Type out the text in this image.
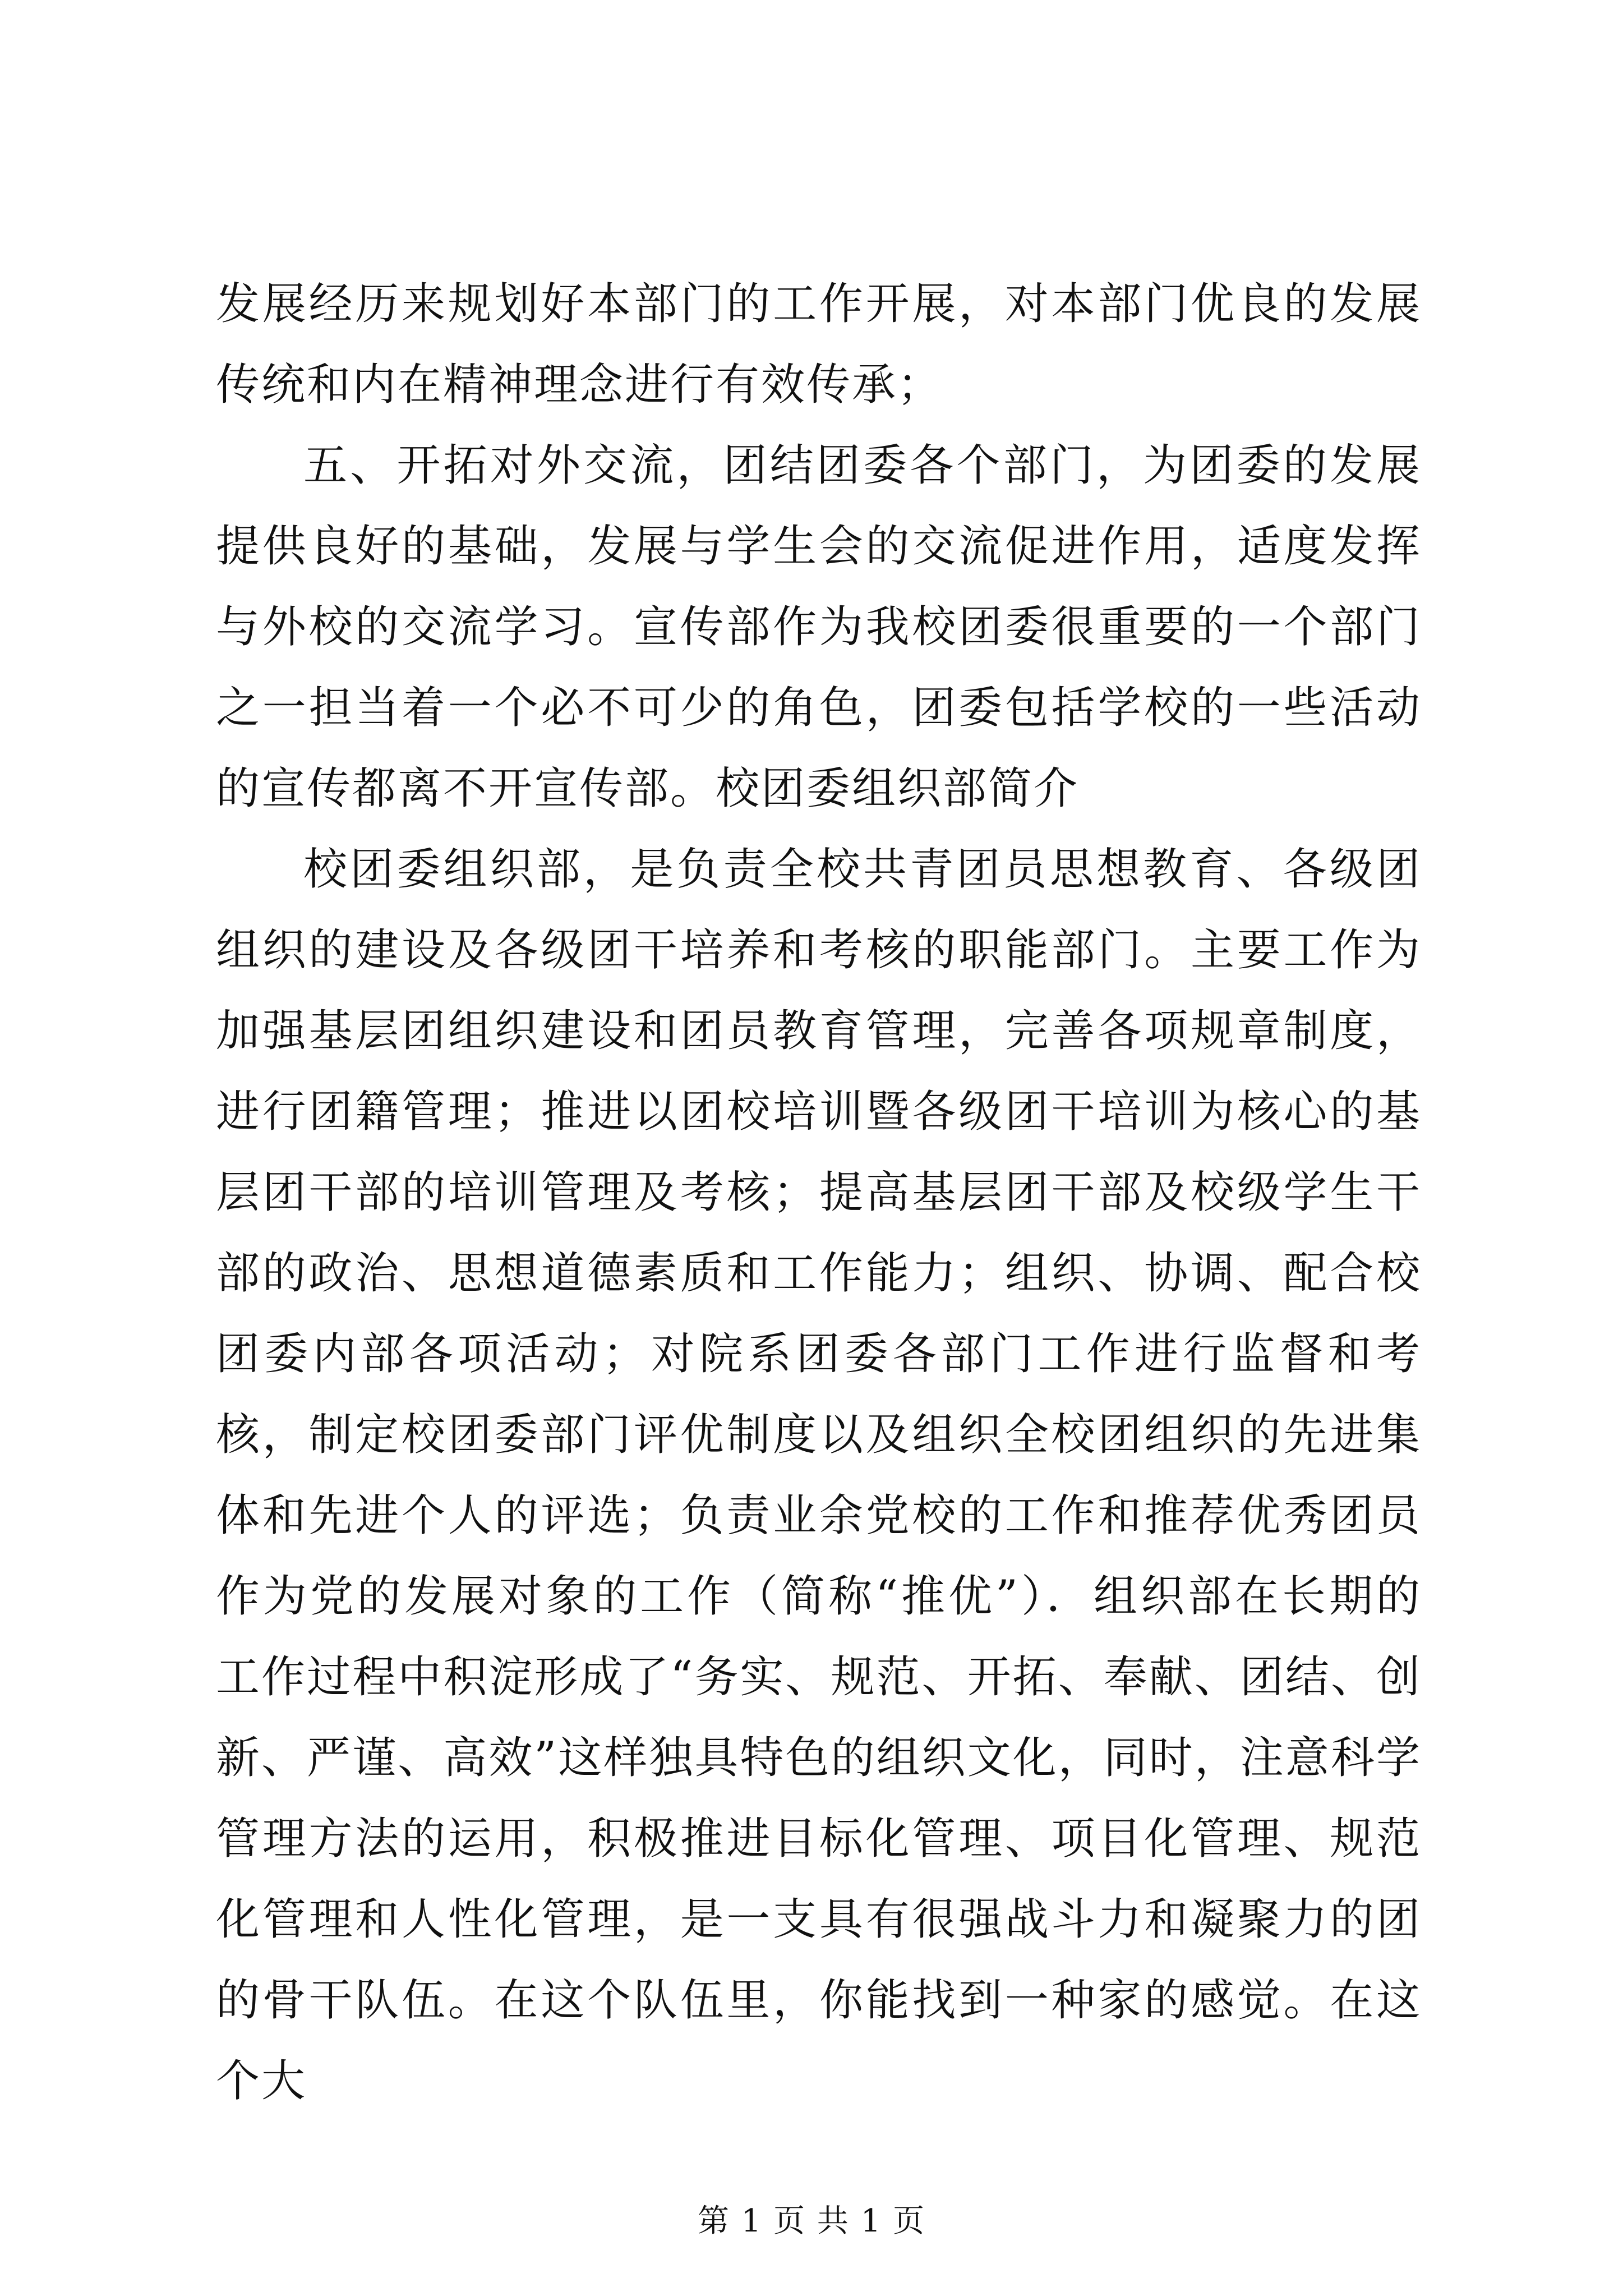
发展经历来规划好本部门的工作开展，对本部门优良的发展传统和内在精神理念进行有效传承；

五、开拓对外交流，团结团委各个部门，为团委的发展提供良好的基础，发展与学生会的交流促进作用，适度发挥与外校的交流学习。宣传部作为我校团委很重要的一个部门之一担当着一个必不可少的角色，团委包括学校的一些活动的宣传都离不开宣传部。校团委组织部简介

校团委组织部，是负责全校共青团员思想教育、各级团组织的建设及各级团干培养和考核的职能部门。主要工作为加强基层团组织建设和团员教育管理，完善各项规章制度，进行团籍管理；推进以团校培训暨各级团干培训为核心的基层团干部的培训管理及考核；提高基层团干部及校级学生干部的政治、思想道德素质和工作能力；组织、协调、配合校团委内部各项活动；对院系团委各部门工作进行监督和考核，制定校团委部门评优制度以及组织全校团组织的先进集体和先进个人的评选；负责业余党校的工作和推荐优秀团员作为党的发展对象的工作（简称“推优”）．组织部在长期的工作过程中积淀形成了“务实、规范、开拓、奉献、团结、创新、严谨、高效”这样独具特色的组织文化，同时，注意科学管理方法的运用，积极推进目标化管理、项目化管理、规范化管理和人性化管理，是一支具有很强战斗力和凝聚力的团的骨干队伍。在这个队伍里，你能找到一种家的感觉。在这个大

第 1 页 共 1 页
